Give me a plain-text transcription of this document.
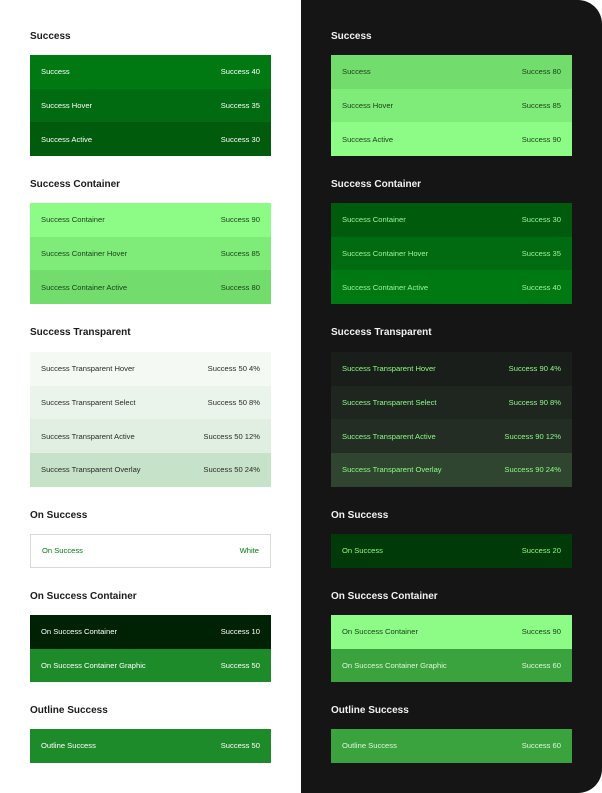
Success
Success	Success 40
Success Hover	Success 35
Success Active	Success 30
Success Container
Success Container	Success 90
Success Container Hover	Success 85
Success Container Active	Success 80
Success Transparent
Success Transparent Hover	Success 50 4%
Success Transparent Select	Success 50 8%
Success Transparent Active	Success 50 12%
Success Transparent Overlay	Success 50 24%
On Success
On Success	White
On Success Container
On Success Container	Success 10
On Success Container Graphic	Success 50
Outline Success
Outline Success	Success 50
Success
Success	Success 80
Success Hover	Success 85
Success Active	Success 90
Success Container
Success Container	Success 30
Success Container Hover	Success 35
Success Container Active	Success 40
Success Transparent
Success Transparent Hover	Success 90 4%
Success Transparent Select	Success 90 8%
Success Transparent Active	Success 90 12%
Success Transparent Overlay	Success 90 24%
On Success
On Success	Success 20
On Success Container
On Success Container	Success 90
On Success Container Graphic	Success 60
Outline Success
Outline Success	Success 60
